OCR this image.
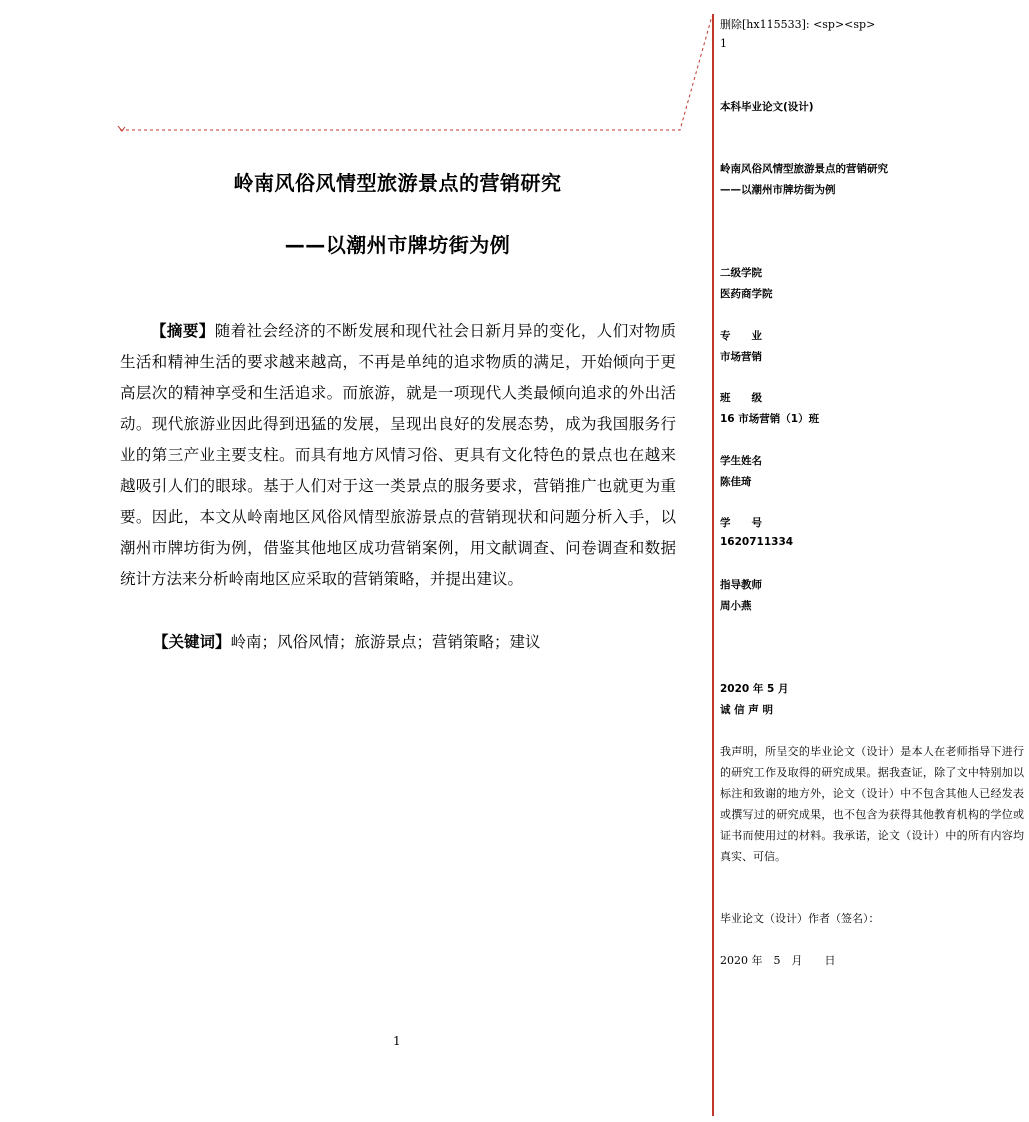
岭南风俗风情型旅游景点的营销研究
——以潮州市牌坊街为例
【摘要】随着社会经济的不断发展和现代社会日新月异的变化，人们对物质生活和精神生活的要求越来越高，不再是单纯的追求物质的满足，开始倾向于更高层次的精神享受和生活追求。而旅游，就是一项现代人类最倾向追求的外出活动。现代旅游业因此得到迅猛的发展，呈现出良好的发展态势，成为我国服务行业的第三产业主要支柱。而具有地方风情习俗、更具有文化特色的景点也在越来越吸引人们的眼球。基于人们对于这一类景点的服务要求，营销推广也就更为重要。因此，本文从岭南地区风俗风情型旅游景点的营销现状和问题分析入手，以潮州市牌坊街为例，借鉴其他地区成功营销案例，用文献调查、问卷调查和数据统计方法来分析岭南地区应采取的营销策略，并提出建议。
【关键词】岭南；风俗风情；旅游景点；营销策略；建议
1
删除[hx115533]: <sp><sp>
1
本科毕业论文(设计)
岭南风俗风情型旅游景点的营销研究
——以潮州市牌坊街为例
二级学院
医药商学院
专　　业
市场营销
班　　级
16 市场营销（1）班
学生姓名
陈佳琦
学　　号
1620711334
指导教师
周小燕
2020 年 5 月
诚 信 声 明
我声明，所呈交的毕业论文（设计）是本人在老师指导下进行的研究工作及取得的研究成果。据我查证，除了文中特别加以标注和致谢的地方外，论文（设计）中不包含其他人已经发表或撰写过的研究成果，也不包含为获得其他教育机构的学位或证书而使用过的材料。我承诺，论文（设计）中的所有内容均真实、可信。
毕业论文（设计）作者（签名）：
2020 年　5　月　　日
